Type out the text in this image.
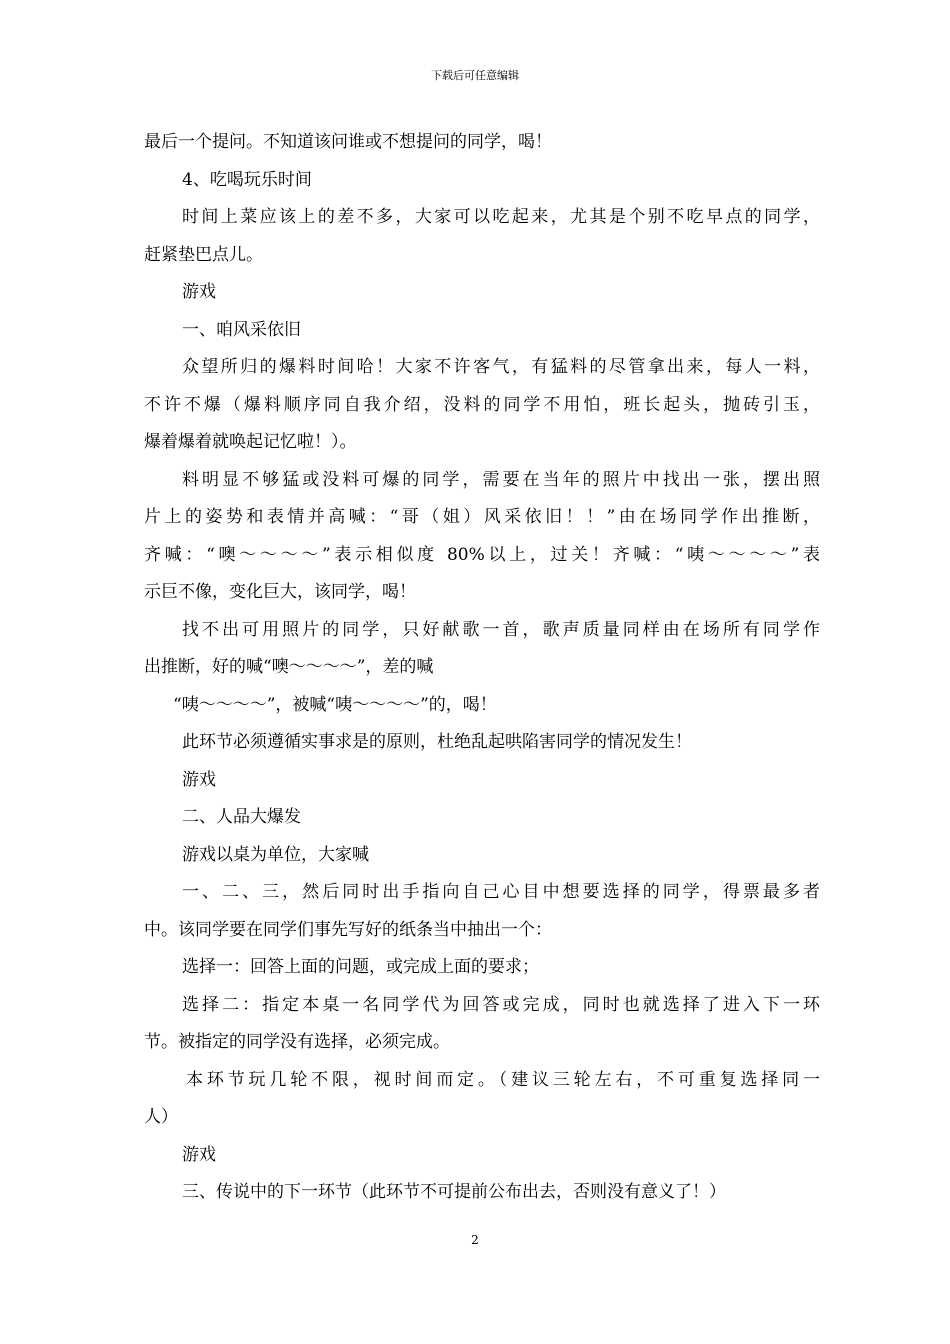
下载后可任意编辑

最后一个提问。不知道该问谁或不想提问的同学，喝！

4、吃喝玩乐时间

时间上菜应该上的差不多，大家可以吃起来，尤其是个别不吃早点的同学，

赶紧垫巴点儿。

游戏

一、咱风采依旧

众望所归的爆料时间哈！大家不许客气，有猛料的尽管拿出来，每人一料，

不许不爆（爆料顺序同自我介绍，没料的同学不用怕，班长起头，抛砖引玉，

爆着爆着就唤起记忆啦！）。

料明显不够猛或没料可爆的同学，需要在当年的照片中找出一张，摆出照

片上的姿势和表情并高喊：“哥（姐）风采依旧！！”由在场同学作出推断，

齐喊：“噢～～～～”表示相似度 80%以上，过关！齐喊：“咦～～～～”表

示巨不像，变化巨大，该同学，喝！

找不出可用照片的同学，只好献歌一首，歌声质量同样由在场所有同学作

出推断，好的喊“噢～～～～”，差的喊

“咦～～～～”，被喊“咦～～～～”的，喝！

此环节必须遵循实事求是的原则，杜绝乱起哄陷害同学的情况发生！

游戏

二、人品大爆发

游戏以桌为单位，大家喊

一、二、三，然后同时出手指向自己心目中想要选择的同学，得票最多者

中。该同学要在同学们事先写好的纸条当中抽出一个：

选择一：回答上面的问题，或完成上面的要求；

选择二：指定本桌一名同学代为回答或完成，同时也就选择了进入下一环

节。被指定的同学没有选择，必须完成。

本环节玩几轮不限，视时间而定。（建议三轮左右，不可重复选择同一

人）

游戏

三、传说中的下一环节（此环节不可提前公布出去，否则没有意义了！）

2
